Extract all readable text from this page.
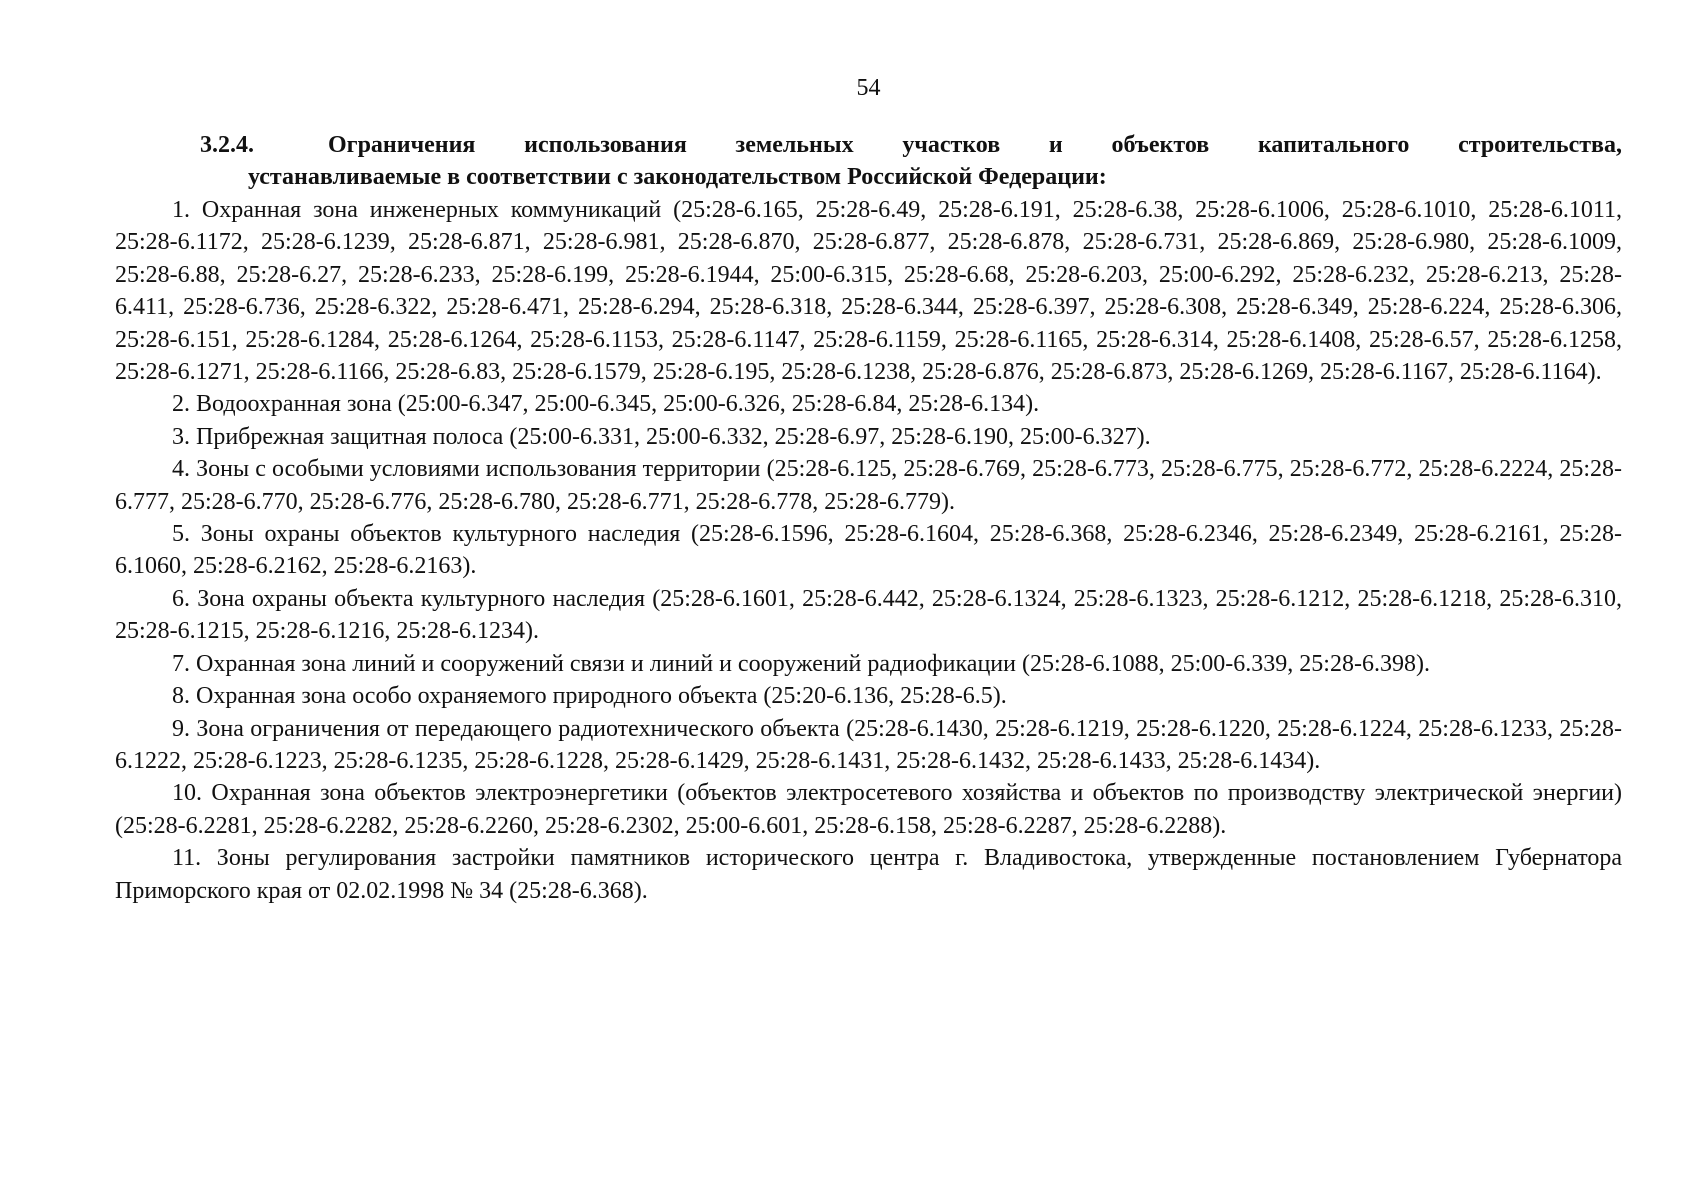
54
3.2.4.	Ограничения использования земельных участков и объектов капитального строительства,
устанавливаемые в соответствии с законодательством Российской Федерации:

1. Охранная зона инженерных коммуникаций (25:28-6.165, 25:28-6.49, 25:28-6.191, 25:28-6.38, 25:28-6.1006, 25:28-6.1010, 25:28-6.1011, 25:28-6.1172, 25:28-6.1239, 25:28-6.871, 25:28-6.981, 25:28-6.870, 25:28-6.877, 25:28-6.878, 25:28-6.731, 25:28-6.869, 25:28-6.980, 25:28-6.1009, 25:28-6.88, 25:28-6.27, 25:28-6.233, 25:28-6.199, 25:28-6.1944, 25:00-6.315, 25:28-6.68, 25:28-6.203, 25:00-6.292, 25:28-6.232, 25:28-6.213, 25:28-6.411, 25:28-6.736, 25:28-6.322, 25:28-6.471, 25:28-6.294, 25:28-6.318, 25:28-6.344, 25:28-6.397, 25:28-6.308, 25:28-6.349, 25:28-6.224, 25:28-6.306, 25:28-6.151, 25:28-6.1284, 25:28-6.1264, 25:28-6.1153, 25:28-6.1147, 25:28-6.1159, 25:28-6.1165, 25:28-6.314, 25:28-6.1408, 25:28-6.57, 25:28-6.1258, 25:28-6.1271, 25:28-6.1166, 25:28-6.83, 25:28-6.1579, 25:28-6.195, 25:28-6.1238, 25:28-6.876, 25:28-6.873, 25:28-6.1269, 25:28-6.1167, 25:28-6.1164).

2. Водоохранная зона (25:00-6.347, 25:00-6.345, 25:00-6.326, 25:28-6.84, 25:28-6.134).

3. Прибрежная защитная полоса (25:00-6.331, 25:00-6.332, 25:28-6.97, 25:28-6.190, 25:00-6.327).

4. Зоны с особыми условиями использования территории (25:28-6.125, 25:28-6.769, 25:28-6.773, 25:28-6.775, 25:28-6.772, 25:28-6.2224, 25:28-6.777, 25:28-6.770, 25:28-6.776, 25:28-6.780, 25:28-6.771, 25:28-6.778, 25:28-6.779).

5. Зоны охраны объектов культурного наследия (25:28-6.1596, 25:28-6.1604, 25:28-6.368, 25:28-6.2346, 25:28-6.2349, 25:28-6.2161, 25:28-6.1060, 25:28-6.2162, 25:28-6.2163).

6. Зона охраны объекта культурного наследия (25:28-6.1601, 25:28-6.442, 25:28-6.1324, 25:28-6.1323, 25:28-6.1212, 25:28-6.1218, 25:28-6.310, 25:28-6.1215, 25:28-6.1216, 25:28-6.1234).

7. Охранная зона линий и сооружений связи и линий и сооружений радиофикации (25:28-6.1088, 25:00-6.339, 25:28-6.398).

8. Охранная зона особо охраняемого природного объекта (25:20-6.136, 25:28-6.5).

9. Зона ограничения от передающего радиотехнического объекта (25:28-6.1430, 25:28-6.1219, 25:28-6.1220, 25:28-6.1224, 25:28-6.1233, 25:28-6.1222, 25:28-6.1223, 25:28-6.1235, 25:28-6.1228, 25:28-6.1429, 25:28-6.1431, 25:28-6.1432, 25:28-6.1433, 25:28-6.1434).

10. Охранная зона объектов электроэнергетики (объектов электросетевого хозяйства и объектов по производству электрической энергии) (25:28-6.2281, 25:28-6.2282, 25:28-6.2260, 25:28-6.2302, 25:00-6.601, 25:28-6.158, 25:28-6.2287, 25:28-6.2288).

11. Зоны регулирования застройки памятников исторического центра г. Владивостока, утвержденные постановлением Губернатора Приморского края от 02.02.1998 № 34 (25:28-6.368).
